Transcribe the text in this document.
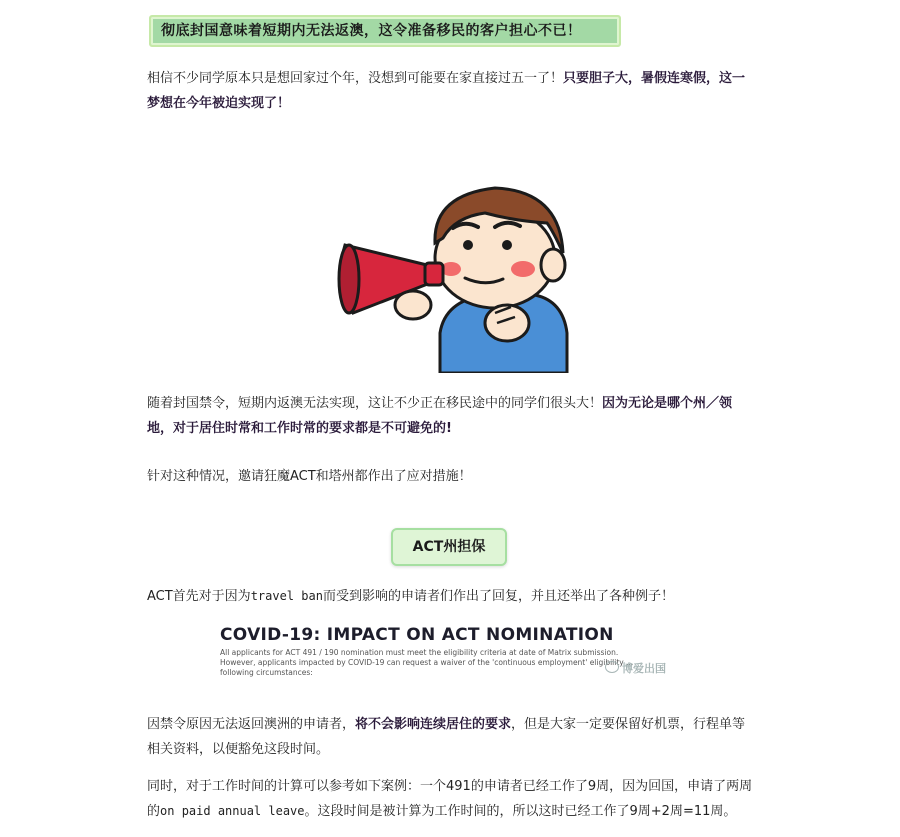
彻底封国意味着短期内无法返澳，这令准备移民的客户担心不已！
相信不少同学原本只是想回家过个年，没想到可能要在家直接过五一了！只要胆子大，暑假连寒假，这一梦想在今年被迫实现了！
随着封国禁令，短期内返澳无法实现，这让不少正在移民途中的同学们很头大！因为无论是哪个州／领地，对于居住时常和工作时常的要求都是不可避免的!
针对这种情况，邀请狂魔ACT和塔州都作出了应对措施！
ACT州担保
ACT首先对于因为travel ban而受到影响的申请者们作出了回复，并且还举出了各种例子！
COVID-19: IMPACT ON ACT NOMINATION
All applicants for ACT 491 / 190 nomination must meet the eligibility criteria at date of Matrix submission. However, applicants impacted by COVID-19 can request a waiver of the 'continuous employment' eligibility ... following circumstances:	博爱出国
因禁令原因无法返回澳洲的申请者，将不会影响连续居住的要求，但是大家一定要保留好机票，行程单等相关资料，以便豁免这段时间。
同时，对于工作时间的计算可以参考如下案例：一个491的申请者已经工作了9周，因为回国，申请了两周的on paid annual leave。这段时间是被计算为工作时间的，所以这时已经工作了9周+2周=11周。
